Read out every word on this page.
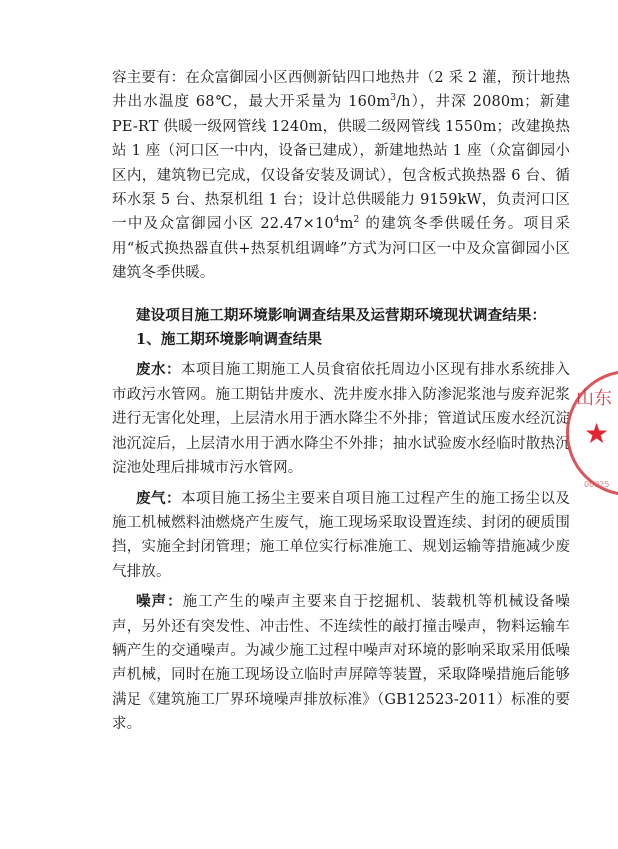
容主要有：在众富御园小区西侧新钻四口地热井（2 采 2 灌，预计地热井出水温度 68℃，最大开采量为 $160m^3/h$），井深 2080m；新建 PE-RT 供暖一级网管线 1240m，供暖二级网管线 1550m；改建换热站 1 座（河口区一中内，设备已建成），新建地热站 1 座（众富御园小区内，建筑物已完成，仅设备安装及调试），包含板式换热器 6 台、循环水泵 5 台、热泵机组 1 台；设计总供暖能力 9159kW，负责河口区一中及众富御园小区 $22.47\times 10^4m^2$ 的建筑冬季供暖任务。项目采用“板式换热器直供+热泵机组调峰”方式为河口区一中及众富御园小区建筑冬季供暖。

建设项目施工期环境影响调查结果及运营期环境现状调查结果：

1、施工期环境影响调查结果

废水：本项目施工期施工人员食宿依托周边小区现有排水系统排入市政污水管网。施工期钻井废水、洗井废水排入防渗泥浆池与废弃泥浆进行无害化处理，上层清水用于洒水降尘不外排；管道试压废水经沉淀池沉淀后，上层清水用于洒水降尘不外排；抽水试验废水经临时散热沉淀池处理后排城市污水管网。

废气：本项目施工扬尘主要来自项目施工过程产生的施工扬尘以及施工机械燃料油燃烧产生废气，施工现场采取设置连续、封闭的硬质围挡，实施全封闭管理；施工单位实行标准施工、规划运输等措施减少废气排放。

噪声：施工产生的噪声主要来自于挖掘机、装载机等机械设备噪声，另外还有突发性、冲击性、不连续性的敲打撞击噪声，物料运输车辆产生的交通噪声。为减少施工过程中噪声对环境的影响采取采用低噪声机械，同时在施工现场设立临时声屏障等装置，采取降噪措施后能够满足《建筑施工厂界环境噪声排放标准》（GB12523-2011）标准的要求。

山东
★
00025
